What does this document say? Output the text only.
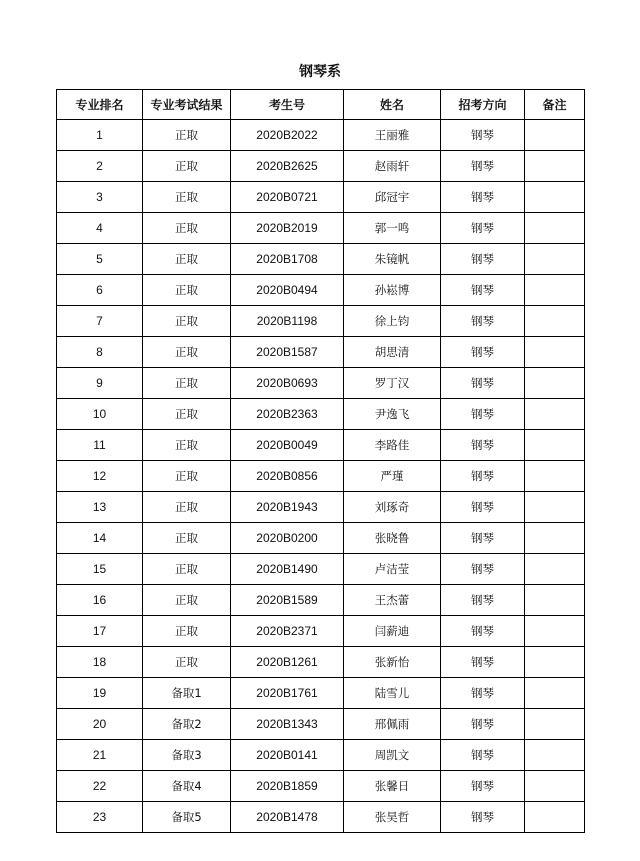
钢琴系
专业排名	专业考试结果	考生号	姓名	招考方向	备注
1	正取	2020B2022	王丽雅	钢琴	
2	正取	2020B2625	赵雨轩	钢琴	
3	正取	2020B0721	邱冠宇	钢琴	
4	正取	2020B2019	郭一鸣	钢琴	
5	正取	2020B1708	朱镜帆	钢琴	
6	正取	2020B0494	孙崧博	钢琴	
7	正取	2020B1198	徐上钧	钢琴	
8	正取	2020B1587	胡思清	钢琴	
9	正取	2020B0693	罗丁汉	钢琴	
10	正取	2020B2363	尹逸飞	钢琴	
11	正取	2020B0049	李路佳	钢琴	
12	正取	2020B0856	严瑾	钢琴	
13	正取	2020B1943	刘琢奇	钢琴	
14	正取	2020B0200	张晓鲁	钢琴	
15	正取	2020B1490	卢洁莹	钢琴	
16	正取	2020B1589	王杰蕾	钢琴	
17	正取	2020B2371	闫薪迪	钢琴	
18	正取	2020B1261	张新怡	钢琴	
19	备取1	2020B1761	陆雪儿	钢琴	
20	备取2	2020B1343	邢佩雨	钢琴	
21	备取3	2020B0141	周凯文	钢琴	
22	备取4	2020B1859	张馨日	钢琴	
23	备取5	2020B1478	张昊哲	钢琴	
